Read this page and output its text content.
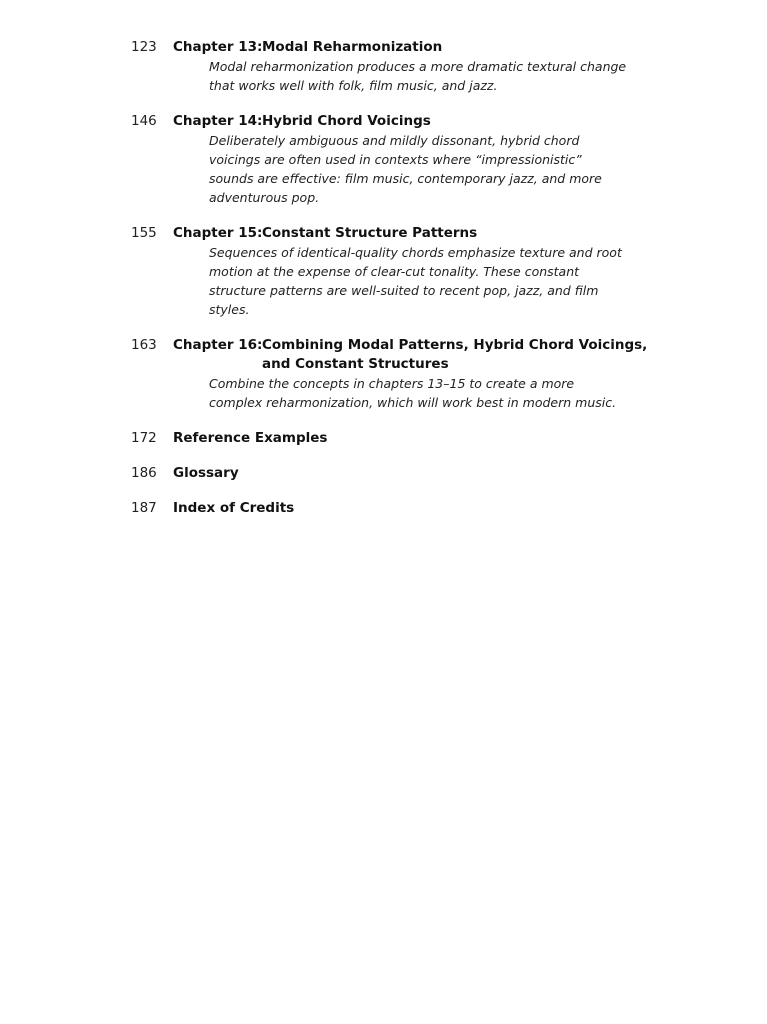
123	Chapter 13:Modal Reharmonization
Modal reharmonization produces a more dramatic textural change that works well with folk, film music, and jazz.
146	Chapter 14:Hybrid Chord Voicings
Deliberately ambiguous and mildly dissonant, hybrid chord voicings are often used in contexts where “impressionistic” sounds are effective: film music, contemporary jazz, and more adventurous pop.
155	Chapter 15:Constant Structure Patterns
Sequences of identical-quality chords emphasize texture and root motion at the expense of clear-cut tonality. These constant structure patterns are well-suited to recent pop, jazz, and film styles.
163	Chapter 16:Combining Modal Patterns, Hybrid Chord Voicings,
and Constant Structures
Combine the concepts in chapters 13–15 to create a more complex reharmonization, which will work best in modern music.
172	Reference Examples
186	Glossary
187	Index of Credits
